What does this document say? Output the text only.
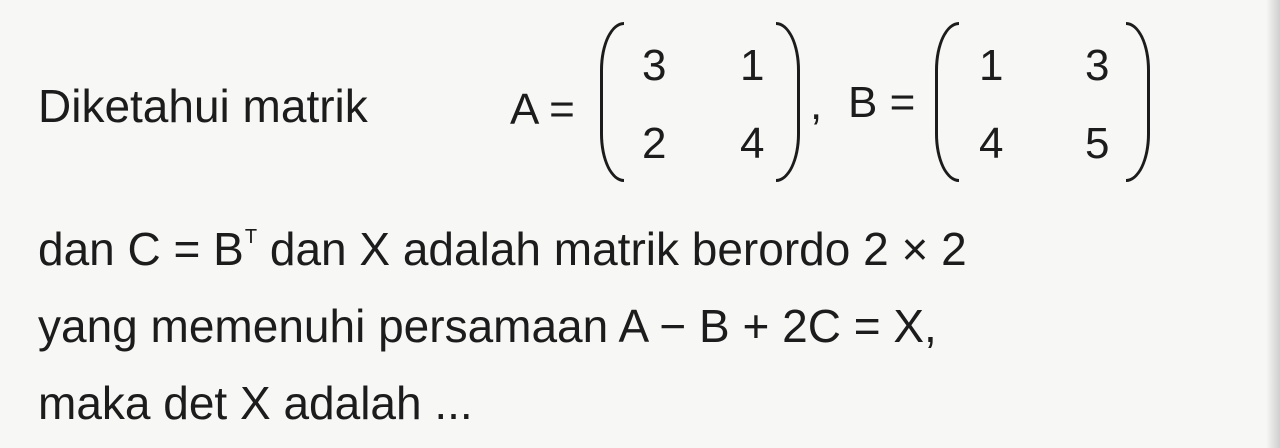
Diketahui matrik	A =
3 1
2 4
, B =
1 3
4 5
dan $C = B^T$ dan X adalah matrik berordo 2 × 2
yang memenuhi persamaan A − B + 2C = X,
maka det X adalah ...
